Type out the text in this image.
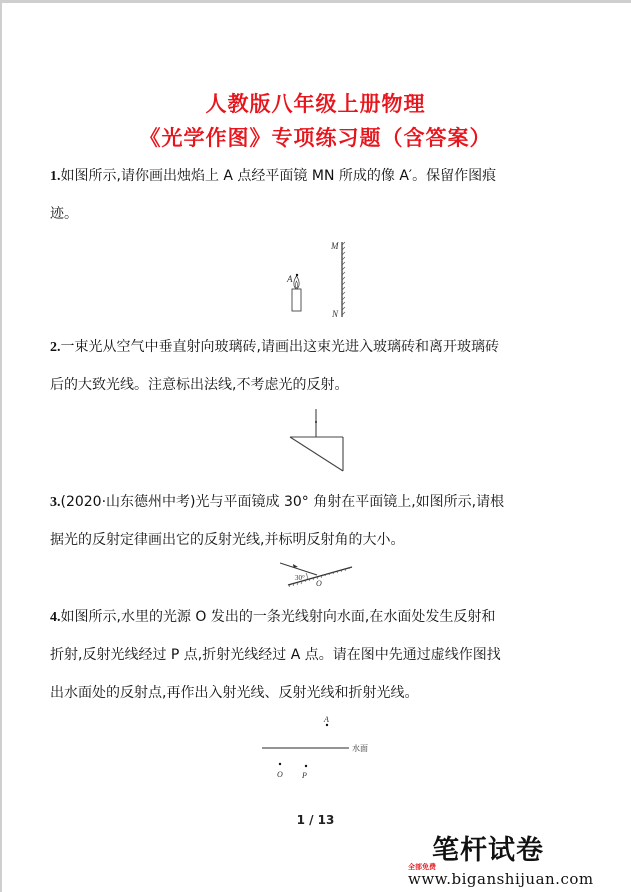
人教版八年级上册物理
《光学作图》专项练习题（含答案）
1.如图所示,请你画出烛焰上 A 点经平面镜 MN 所成的像 A′。保留作图痕
迹。
M
N
A
2.一束光从空气中垂直射向玻璃砖,请画出这束光进入玻璃砖和离开玻璃砖
后的大致光线。注意标出法线,不考虑光的反射。
3.(2020·山东德州中考)光与平面镜成 30° 角射在平面镜上,如图所示,请根
据光的反射定律画出它的反射光线,并标明反射角的大小。
30°
O
4.如图所示,水里的光源 O 发出的一条光线射向水面,在水面处发生反射和
折射,反射光线经过 P 点,折射光线经过 A 点。请在图中先通过虚线作图找
出水面处的反射点,再作出入射光线、反射光线和折射光线。
A
水面
O P
1 / 13
笔杆试卷
全部免费
www.biganshijuan.com
